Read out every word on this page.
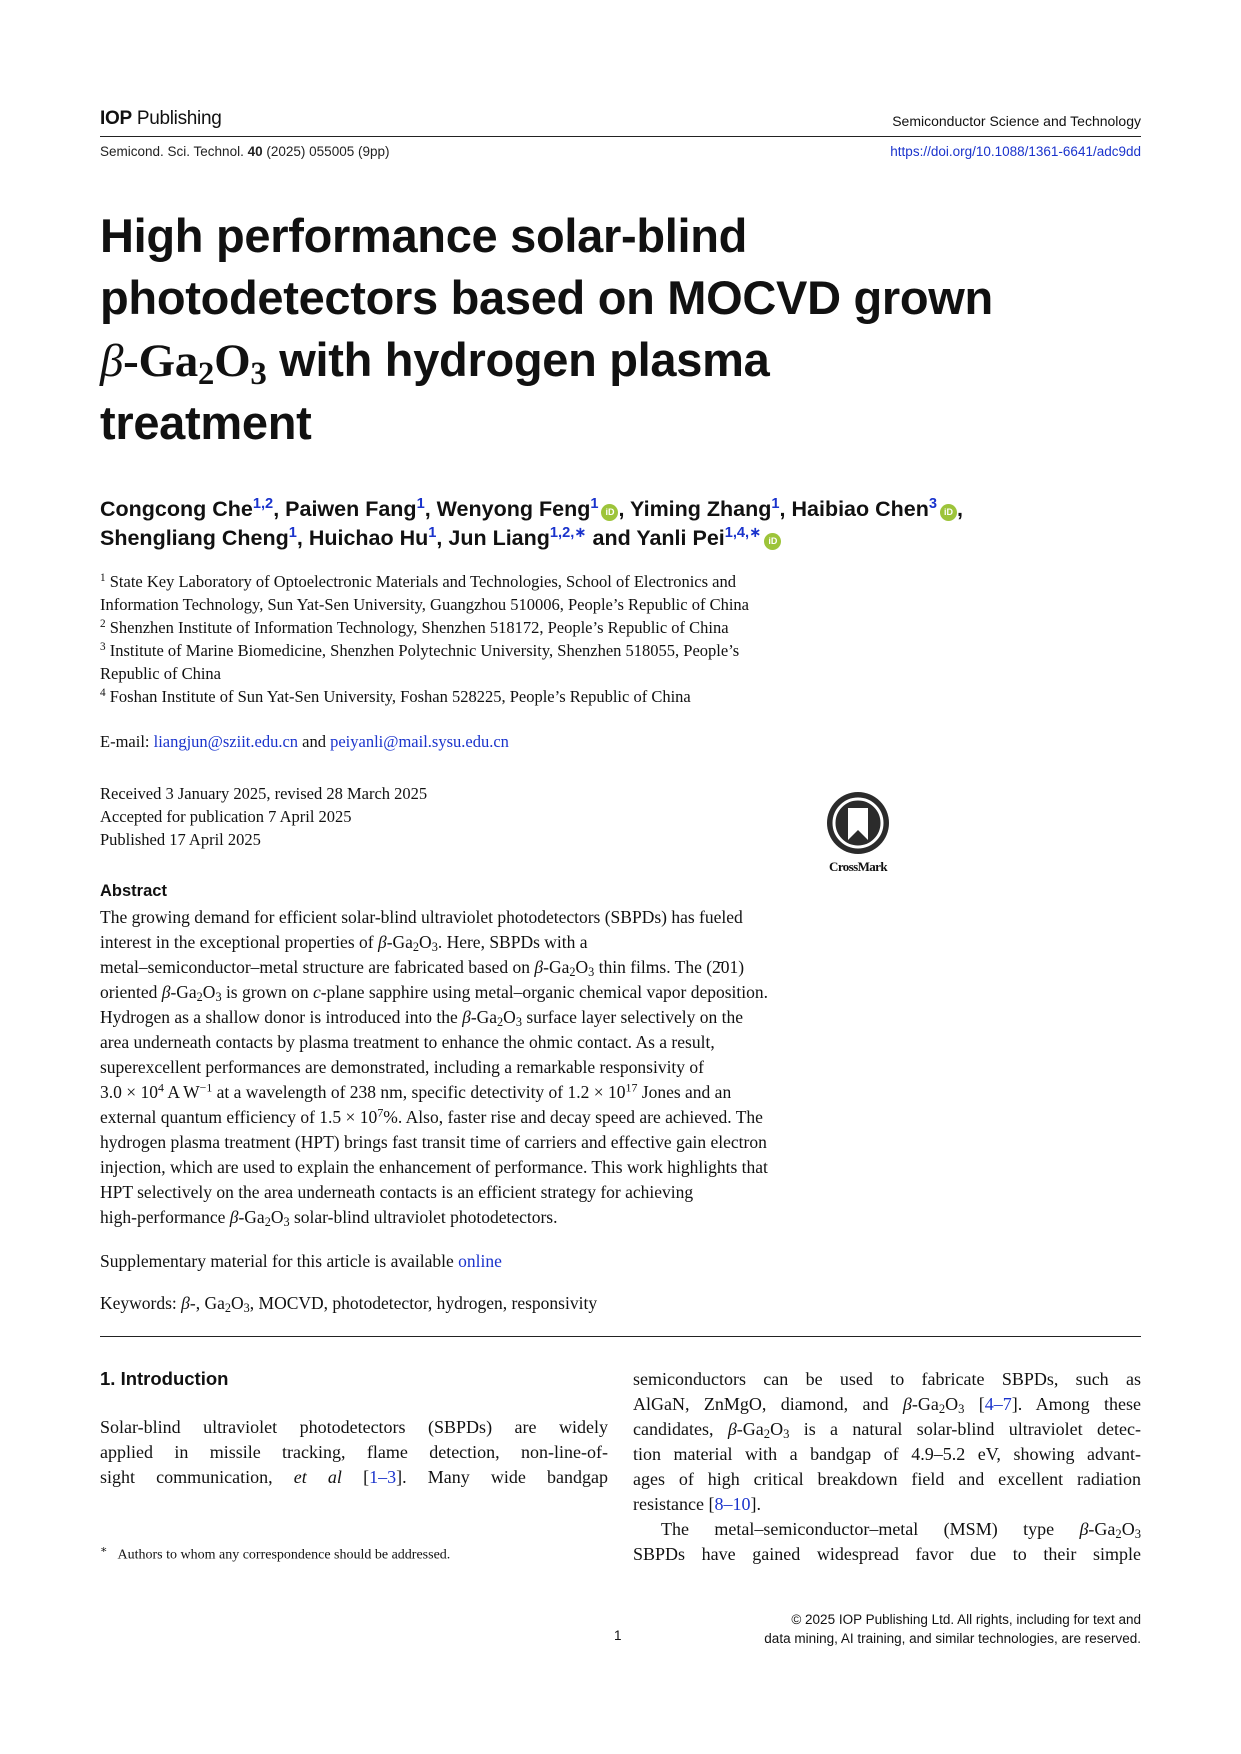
IOP Publishing	Semiconductor Science and Technology
Semicond. Sci. Technol. 40 (2025) 055005 (9pp)	https://doi.org/10.1088/1361-6641/adc9dd
High performance solar-blind
photodetectors based on MOCVD grown
$\beta-Ga_2O_3$ with hydrogen plasma
treatment
Congcong Che$^{1,2}$, Paiwen Fang$^1$, Wenyong Feng$^1$iD , Yiming Zhang$^1$, Haibiao Chen$^3$iD ,
Shengliang Cheng$^1$, Huichao Hu$^1$, Jun Liang$^{1,2,∗}$ and Yanli Pei$^{1,4,∗}$iD

$^1$ State Key Laboratory of Optoelectronic Materials and Technologies, School of Electronics and
Information Technology, Sun Yat-Sen University, Guangzhou 510006, People’s Republic of China

$^2$ Shenzhen Institute of Information Technology, Shenzhen 518172, People’s Republic of China

$^3$ Institute of Marine Biomedicine, Shenzhen Polytechnic University, Shenzhen 518055, People’s
Republic of China

$^4$ Foshan Institute of Sun Yat-Sen University, Foshan 528225, People’s Republic of China

E-mail: liangjun@sziit.edu.cn and peiyanli@mail.sysu.edu.cn
Received 3 January 2025, revised 28 March 2025
Accepted for publication 7 April 2025
Published 17 April 2025
CrossMark
Abstract
The growing demand for efficient solar-blind ultraviolet photodetectors (SBPDs) has fueled
interest in the exceptional properties of $\beta-Ga_2O_3$. Here, SBPDs with a
metal–semiconductor–metal structure are fabricated based on $\beta-Ga_2O_3$ thin films. The (2̄01)
oriented $\beta-Ga_2O_3$ is grown on c-plane sapphire using metal–organic chemical vapor deposition.
Hydrogen as a shallow donor is introduced into the $\beta-Ga_2O_3$ surface layer selectively on the
area underneath contacts by plasma treatment to enhance the ohmic contact. As a result,
superexcellent performances are demonstrated, including a remarkable responsivity of
$3.0 \times 10^4$ A $W^{-1}$ at a wavelength of 238 nm, specific detectivity of $1.2 \times 10^{17}$ Jones and an
external quantum efficiency of $1.5 \times 10^7\%$. Also, faster rise and decay speed are achieved. The
hydrogen plasma treatment (HPT) brings fast transit time of carriers and effective gain electron
injection, which are used to explain the enhancement of performance. This work highlights that
HPT selectively on the area underneath contacts is an efficient strategy for achieving
high-performance $\beta-Ga_2O_3$ solar-blind ultraviolet photodetectors.
Supplementary material for this article is available online
Keywords: β-, $Ga_2O_3$, MOCVD, photodetector, hydrogen, responsivity
1. Introduction
Solar-blind ultraviolet photodetectors (SBPDs) are widely
applied in missile tracking, flame detection, non-line-of-
sight communication, et al [1–3]. Many wide bandgap
semiconductors can be used to fabricate SBPDs, such as
AlGaN, ZnMgO, diamond, and $\beta-Ga_2O_3$ [4–7]. Among these
candidates, $\beta-Ga_2O_3$ is a natural solar-blind ultraviolet detec-
tion material with a bandgap of 4.9–5.2 eV, showing advant-
ages of high critical breakdown field and excellent radiation
resistance [8–10].
The metal–semiconductor–metal (MSM) type $\beta-Ga_2O_3$
SBPDs have gained widespread favor due to their simple
∗ Authors to whom any correspondence should be addressed.
1
© 2025 IOP Publishing Ltd. All rights, including for text and
data mining, AI training, and similar technologies, are reserved.
